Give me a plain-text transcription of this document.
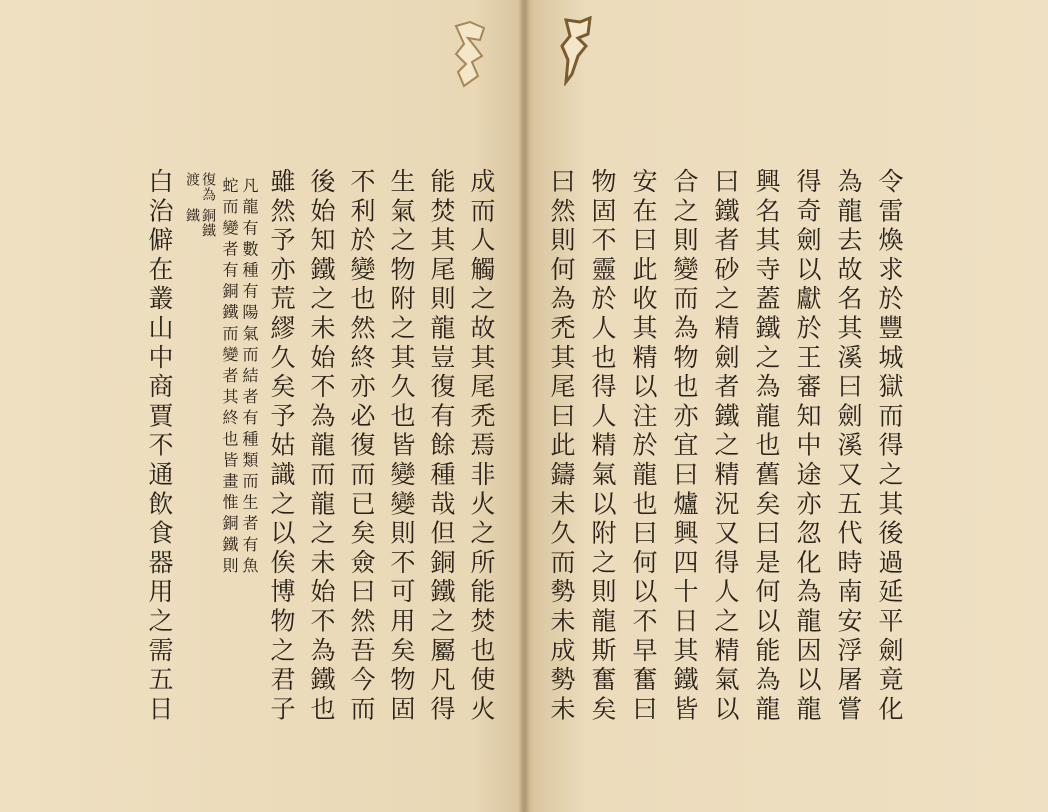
令雷煥求於豐城獄而得之其後過延平劍竟化
為龍去故名其溪曰劍溪又五代時南安浮屠嘗
得奇劍以獻於王審知中途亦忽化為龍因以龍
興名其寺蓋鐵之為龍也舊矣曰是何以能為龍
曰鐵者砂之精劍者鐵之精況又得人之精氣以
合之則變而為物也亦宜曰爐興四十日其鐵皆
安在曰此收其精以注於龍也曰何以不早奮曰
物固不靈於人也得人精氣以附之則龍斯奮矣
曰然則何為禿其尾曰此鑄未久而勢未成勢未
成而人觸之故其尾禿焉非火之所能焚也使火
能焚其尾則龍豈復有餘種哉但銅鐵之屬凡得
生氣之物附之其久也皆變變則不可用矣物固
不利於變也然終亦必復而已矣僉曰然吾今而
後始知鐵之未始不為龍而龍之未始不為鐵也
雖然予亦荒繆久矣予姑識之以俟博物之君子
凡龍有數種有陽氣而結者有種類而生者有魚
蛇而變者有銅鐵而變者其終也皆畫惟銅鐵則
復為
銅鐵
渡
鐵
白治僻在叢山中商賈不通飲食器用之需五日
